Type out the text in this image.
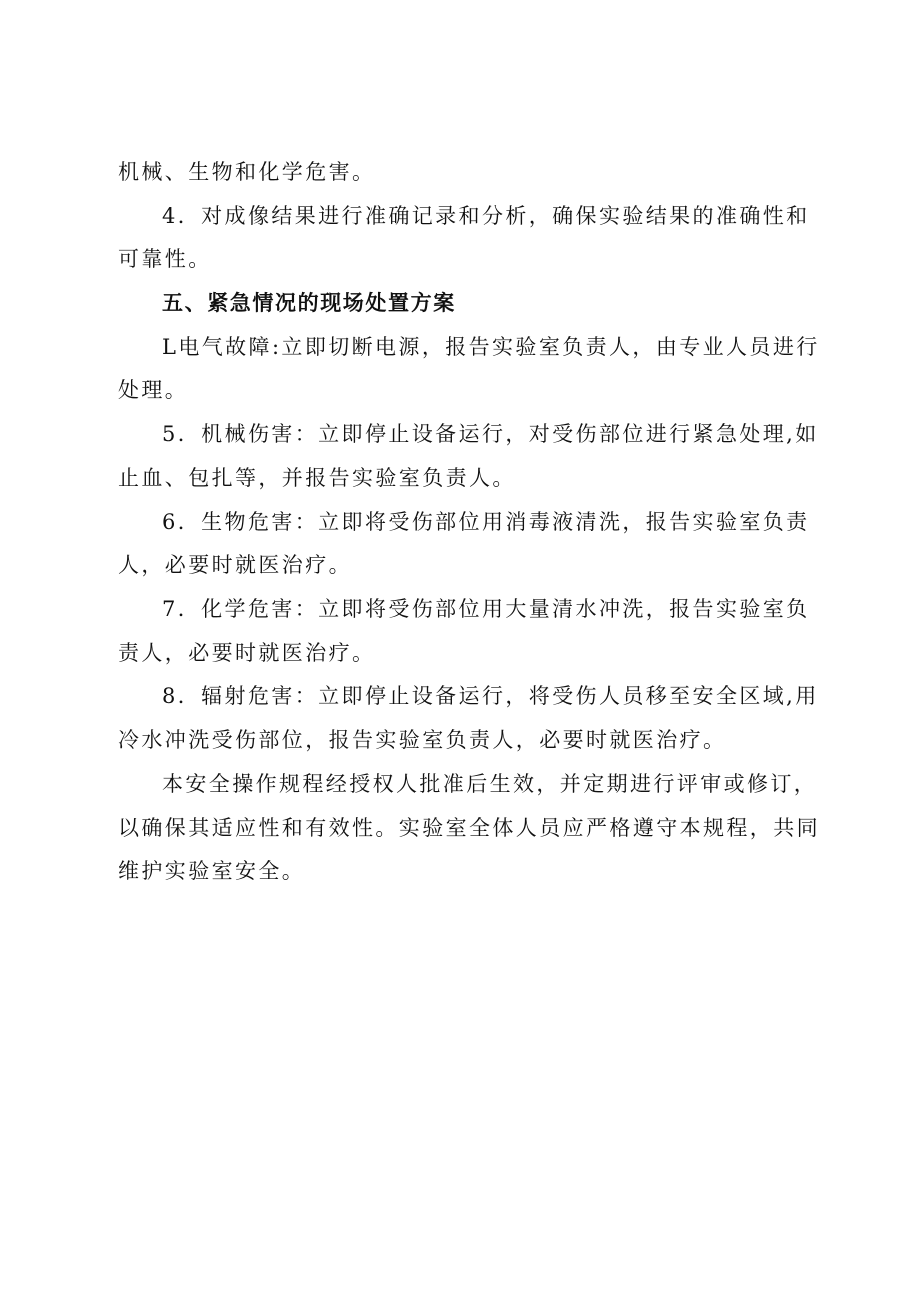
机械、生物和化学危害。
4．对成像结果进行准确记录和分析，确保实验结果的准确性和
可靠性。
五、紧急情况的现场处置方案
L电气故障:立即切断电源，报告实验室负责人，由专业人员进行
处理。
5．机械伤害：立即停止设备运行，对受伤部位进行紧急处理,如
止血、包扎等，并报告实验室负责人。
6．生物危害：立即将受伤部位用消毒液清洗，报告实验室负责
人，必要时就医治疗。
7．化学危害：立即将受伤部位用大量清水冲洗，报告实验室负
责人，必要时就医治疗。
8．辐射危害：立即停止设备运行，将受伤人员移至安全区域,用
冷水冲洗受伤部位，报告实验室负责人，必要时就医治疗。
本安全操作规程经授权人批准后生效，并定期进行评审或修订，
以确保其适应性和有效性。实验室全体人员应严格遵守本规程，共同
维护实验室安全。
